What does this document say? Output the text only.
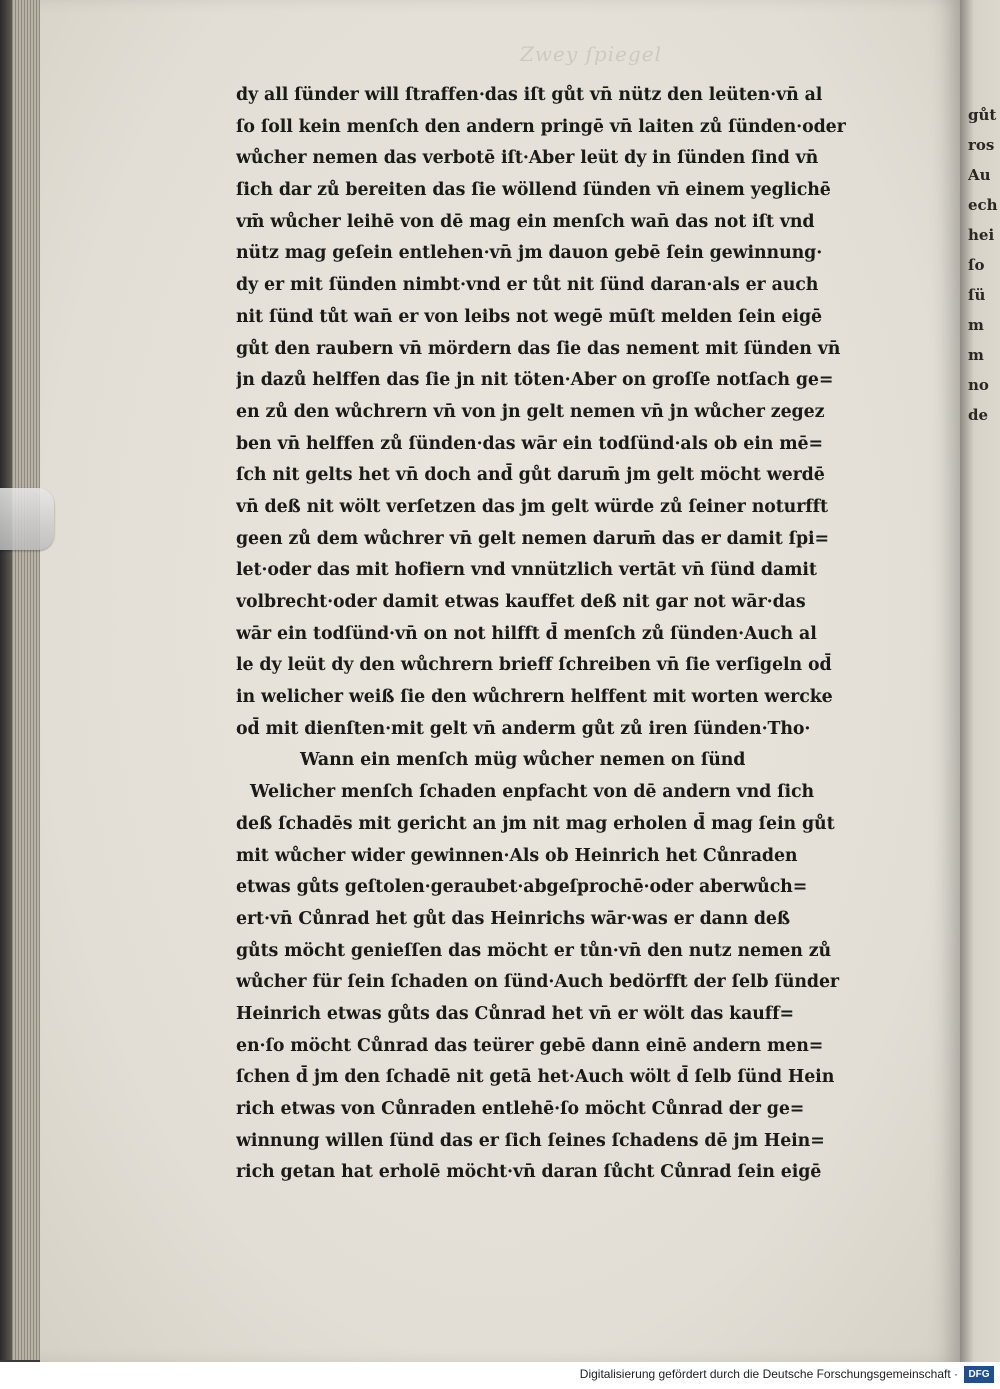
Zwey ſpiegel
dy all ſünder will ſtraffen·das iſt gůt vn̄ nütz den leüten·vn̄ al
ſo ſoll kein menſch den andern pringē vn̄ laiten zů ſünden·oder
wůcher nemen das verbotē iſt·Aber leüt dy in ſünden ſind vn̄
ſich dar zů bereiten das ſie wöllend ſünden vn̄ einem yeglichē
vm̄ wůcher leihē von dē mag ein menſch wan̄ das not iſt vnd
nütz mag geſein entlehen·vn̄ jm dauon gebē ſein gewinnung·
dy er mit ſünden nimbt·vnd er tůt nit ſünd daran·als er auch
nit ſünd tůt wan̄ er von leibs not wegē mūſt melden ſein eigē
gůt den raubern vn̄ mördern das ſie das nement mit ſünden vn̄
jn dazů helffen das ſie jn nit töten·Aber on groſſe notſach ge=
en zů den wůchrern vn̄ von jn gelt nemen vn̄ jn wůcher zegez
ben vn̄ helffen zů ſünden·das wār ein todſünd·als ob ein mē=
ſch nit gelts het vn̄ doch and̄ gůt darum̄ jm gelt möcht werdē
vn̄ deß nit wölt verſetzen das jm gelt würde zů ſeiner noturfft
geen zů dem wůchrer vn̄ gelt nemen darum̄ das er damit ſpi=
let·oder das mit hofiern vnd vnnützlich vertāt vn̄ ſünd damit
volbrecht·oder damit etwas kauffet deß nit gar not wār·das
wār ein todſünd·vn̄ on not hilfft d̄ menſch zů ſünden·Auch al
le dy leüt dy den wůchrern brieff ſchreiben vn̄ ſie verſigeln od̄
in welicher weiß ſie den wůchrern helffent mit worten wercke
od̄ mit dienſten·mit gelt vn̄ anderm gůt zů iren ſünden·Tho·
Wann ein menſch müg wůcher nemen on ſünd
Welicher menſch ſchaden enpfacht von dē andern vnd ſich
deß ſchadēs mit gericht an jm nit mag erholen d̄ mag ſein gůt
mit wůcher wider gewinnen·Als ob Heinrich het Cůnraden
etwas gůts geſtolen·geraubet·abgeſprochē·oder aberwůch=
ert·vn̄ Cůnrad het gůt das Heinrichs wār·was er dann deß
gůts möcht genieſſen das möcht er tůn·vn̄ den nutz nemen zů
wůcher für ſein ſchaden on ſünd·Auch bedörfft der ſelb ſünder
Heinrich etwas gůts das Cůnrad het vn̄ er wölt das kauff=
en·ſo möcht Cůnrad das teürer gebē dann einē andern men=
ſchen d̄ jm den ſchadē nit getā het·Auch wölt d̄ ſelb ſünd Hein
rich etwas von Cůnraden entlehē·ſo möcht Cůnrad der ge=
winnung willen ſünd das er ſich ſeines ſchadens dē jm Hein=
rich getan hat erholē möcht·vn̄ daran ſůcht Cůnrad ſein eigē
gůt
ros
Au
ech
hei
ſo
ſü
m
m
no
de
Digitalisierung gefördert durch die Deutsche Forschungsgemeinschaft ·	DFG
